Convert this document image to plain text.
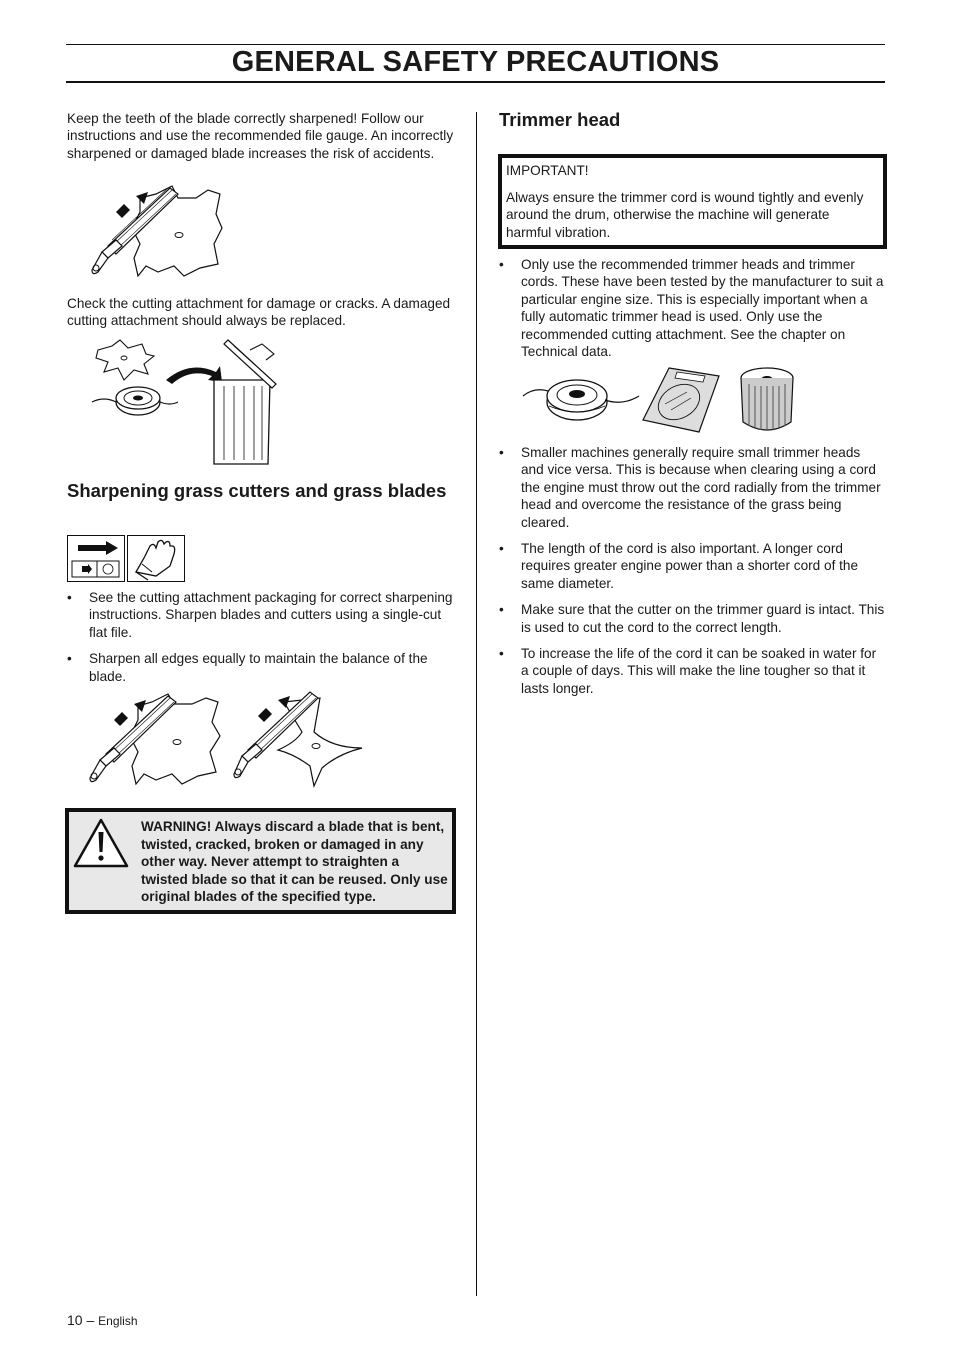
GENERAL SAFETY PRECAUTIONS

Keep the teeth of the blade correctly sharpened! Follow our instructions and use the recommended file gauge. An incorrectly sharpened or damaged blade increases the risk of accidents.

Check the cutting attachment for damage or cracks. A damaged cutting attachment should always be replaced.

Sharpening grass cutters and grass blades
• See the cutting attachment packaging for correct sharpening instructions. Sharpen blades and cutters using a single-cut flat file.
• Sharpen all edges equally to maintain the balance of the blade.
WARNING! Always discard a blade that is bent, twisted, cracked, broken or damaged in any other way. Never attempt to straighten a twisted blade so that it can be reused. Only use original blades of the specified type.
Trimmer head
IMPORTANT!
Always ensure the trimmer cord is wound tightly and evenly around the drum, otherwise the machine will generate harmful vibration.
• Only use the recommended trimmer heads and trimmer cords. These have been tested by the manufacturer to suit a particular engine size. This is especially important when a fully automatic trimmer head is used. Only use the recommended cutting attachment. See the chapter on Technical data.
• Smaller machines generally require small trimmer heads and vice versa. This is because when clearing using a cord the engine must throw out the cord radially from the trimmer head and overcome the resistance of the grass being cleared.
• The length of the cord is also important. A longer cord requires greater engine power than a shorter cord of the same diameter.
• Make sure that the cutter on the trimmer guard is intact. This is used to cut the cord to the correct length.
• To increase the life of the cord it can be soaked in water for a couple of days. This will make the line tougher so that it lasts longer.
10 – English
